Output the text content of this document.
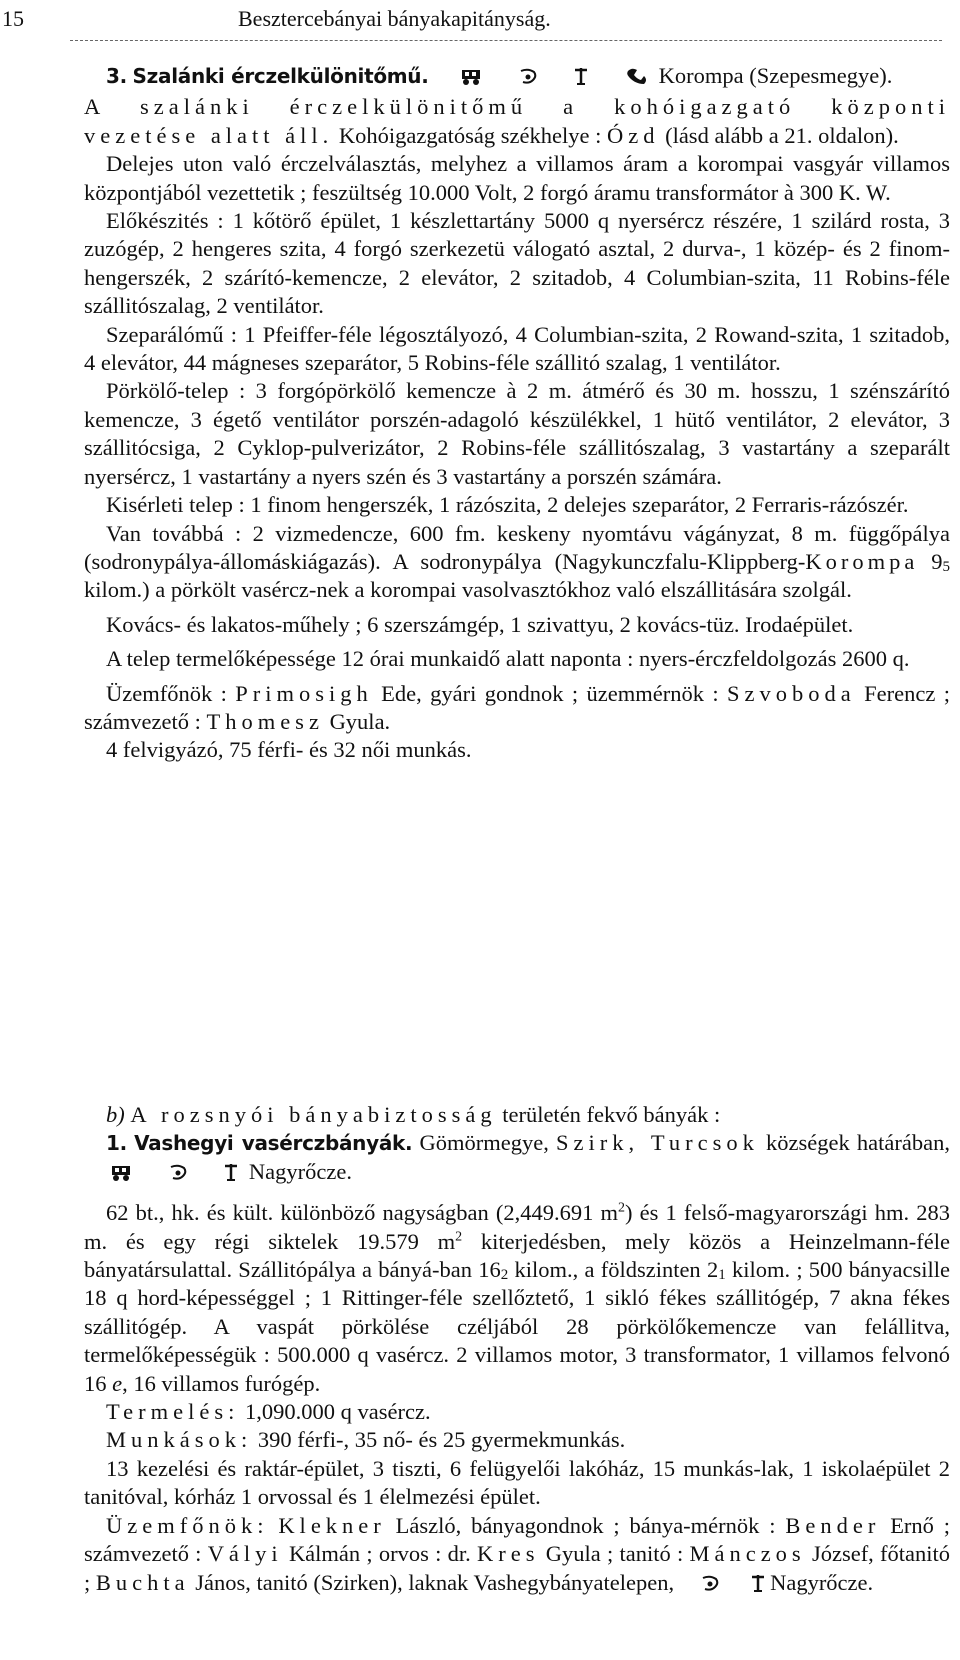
15	Besztercebányai bányakapitányság.

3. Szalánki érczelkülönitőmű.	Korompa (Szepesmegye).

A szalánki érczelkülönitőmű a kohóigazgató központi vezetése alatt áll. Kohóigazgatóság székhelye : Ózd (lásd alább a 21. oldalon).

Delejes uton való érczelválasztás, melyhez a villamos áram a korompai vasgyár villamos központjából vezettetik ; feszültség 10.000 Volt, 2 forgó áramu transformátor à 300 K. W.

Előkészités : 1 kőtörő épület, 1 készlettartány 5000 q nyersércz részére, 1 szilárd rosta, 3 zuzógép, 2 hengeres szita, 4 forgó szerkezetü válogató asztal, 2 durva-, 1 közép- és 2 finom-hengerszék, 2 szárító-kemencze, 2 elevátor, 2 szitadob, 4 Columbian-szita, 11 Robins-féle szállitószalag, 2 ventilátor.

Szeparálómű : 1 Pfeiffer-féle légosztályozó, 4 Columbian-szita, 2 Rowand-szita, 1 szitadob, 4 elevátor, 44 mágneses szeparátor, 5 Robins-féle szállitó szalag, 1 ventilátor.

Pörkölő-telep : 3 forgópörkölő kemencze à 2 m. átmérő és 30 m. hosszu, 1 szénszárító kemencze, 3 égető ventilátor porszén-adagoló készülékkel, 1 hütő ventilátor, 2 elevátor, 3 szállitócsiga, 2 Cyklop-pulverizátor, 2 Robins-féle szállitószalag, 3 vastartány a szeparált nyersércz, 1 vastartány a nyers szén és 3 vastartány a porszén számára.

Kisérleti telep : 1 finom hengerszék, 1 rázószita, 2 delejes szeparátor, 2 Ferraris-rázószér.

Van továbbá : 2 vizmedencze, 600 fm. keskeny nyomtávu vágányzat, 8 m. függőpálya (sodronypálya-állomáskiágazás). A sodronypálya (Nagykunczfalu-Klippberg-Korompa $9^5$ kilom.) a pörkölt vasércz-nek a korompai vasolvasztókhoz való elszállitására szolgál.

Kovács- és lakatos-műhely ; 6 szerszámgép, 1 szivattyu, 2 kovács-tüz. Irodaépület.

A telep termelőképessége 12 órai munkaidő alatt naponta : nyers-érczfeldolgozás 2600 q.

Üzemfőnök : Primosigh Ede, gyári gondnok ; üzemmérnök : Szvoboda Ferencz ; számvezető : Thomesz Gyula.

4 felvigyázó, 75 férfi- és 32 női munkás.

b) A rozsnyói bányabiztosság területén fekvő bányák :

1. Vashegyi vasérczbányák. Gömörmegye, Szirk, Turcsok községek határában,    Nagyrőcze.

62 bt., hk. és kült. különböző nagyságban (2,449.691 $m^2$) és 1 felső-magyarországi hm. 283 m. és egy régi siktelek 19.579 $m^2$ kiterjedésben, mely közös a Heinzelmann-féle bányatársulattal. Szállitópálya a bányá-ban $16^2$ kilom., a földszinten $2^1$ kilom. ; 500 bányacsille 18 q hord-képességgel ; 1 Rittinger-féle szellőztető, 1 sikló fékes szállitógép, 7 akna fékes szállitógép. A vaspát pörkölése czéljából 28 pörkölőkemencze van felállitva, termelőképességük : 500.000 q vasércz. 2 villamos motor, 3 transformator, 1 villamos felvonó 16 e, 16 villamos furógép.

Termelés: 1,090.000 q vasércz.

Munkások: 390 férfi-, 35 nő- és 25 gyermekmunkás.

13 kezelési és raktár-épület, 3 tiszti, 6 felügyelői lakóház, 15 munkás-lak, 1 iskolaépület 2 tanitóval, kórház 1 orvossal és 1 élelmezési épület.

Üzemfőnök: Klekner László, bányagondnok ; bánya-mérnök : Bender Ernő ; számvezető : Vályi Kálmán ; orvos : dr. Kres Gyula ; tanitó : Mánczos József, főtanitó ; Buchta János, tanitó (Szirken), laknak Vashegybányatelepen,	Nagyrőcze.
